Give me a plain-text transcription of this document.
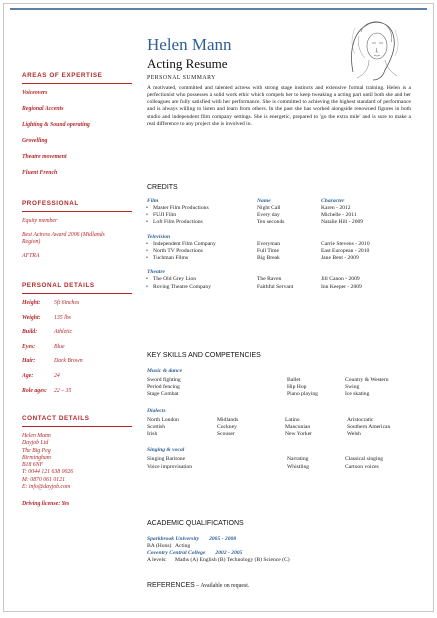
AREAS OF EXPERTISE
Voiceovers
Regional Accents
Lighting & Sound operating
Grovelling
Theatre movement
Fluent French
PROFESSIONAL
Equity member
Best Actress Award 2006 (Midlands Region)
AFTRA
PERSONAL DETAILS
Height:	5ft 6inches
Weight:	135 lbs
Build:	Athletic
Eyes:	Blue
Hair:	Dark Brown
Age:	24
Role ages:	22 – 35
CONTACT DETAILS
Helen Mann
Dayjob Ltd
The Big Peg
Birmingham
B18 6NF
T: 0044 121 638 0026
M: 0870 061 0121
E: info@dayjob.com
Driving license: Yes
Helen Mann
Acting Resume
PERSONAL SUMMARY
A motivated, committed and talented actress with strong stage instincts and extensive formal training. Helen is a perfectionist who possesses a solid work ethic which compels her to keep tweaking a acting part until both she and her colleagues are fully satisfied with her performance. She is committed to achieving the highest standard of performance and is always willing to listen and learn from others. In the past she has worked alongside renowned figures in both studio and independent film company settings. She is energetic, prepared to 'go the extra mile' and is sure to make a real difference to any project she is involved in.
CREDITS
Film	Name	Character
• Master Film Productions	Night Call	Karen - 2012
• FUJI Film	Every day	Michelle - 2011
• Loft Film Productions	Ten seconds	Natalie Hill - 2009
Television
• Independent Film Company	Everyman	Carrie Stevens - 2010
• North TV Productions	Full Time	East European - 2010
• Tuchman Films	Big Break	Jane Bent - 2009
Theatre
• The Old Grey Lion	The Raven	Jill Canon - 2009
• Roving Theatre Company	Faithful Servant	Inn Keeper - 2009
KEY SKILLS AND COMPETENCIES
Music & dance
Sword fighting	Ballet	Country & Western
Period fencing	Hip Hop	Swing
Stage Combat	Piano playing	Ice skating
Dialects
North London	Midlands	Latino	Aristocratic
Scottish	Cockney	Mancunian	Southern American
Irish	Scouser	New Yorker	Welsh
Singing & vocal
Singing Baritone	Narrating	Classical singing
Voice improvisation	Whistling	Cartoon voices
ACADEMIC QUALIFICATIONS
Sparkbrook University 2005 - 2008
BA (Hons) Acting
Coventry Central College 2002 - 2005
A levels: Maths (A) English (B) Technology (B) Science (C)
REFERENCES – Available on request.
